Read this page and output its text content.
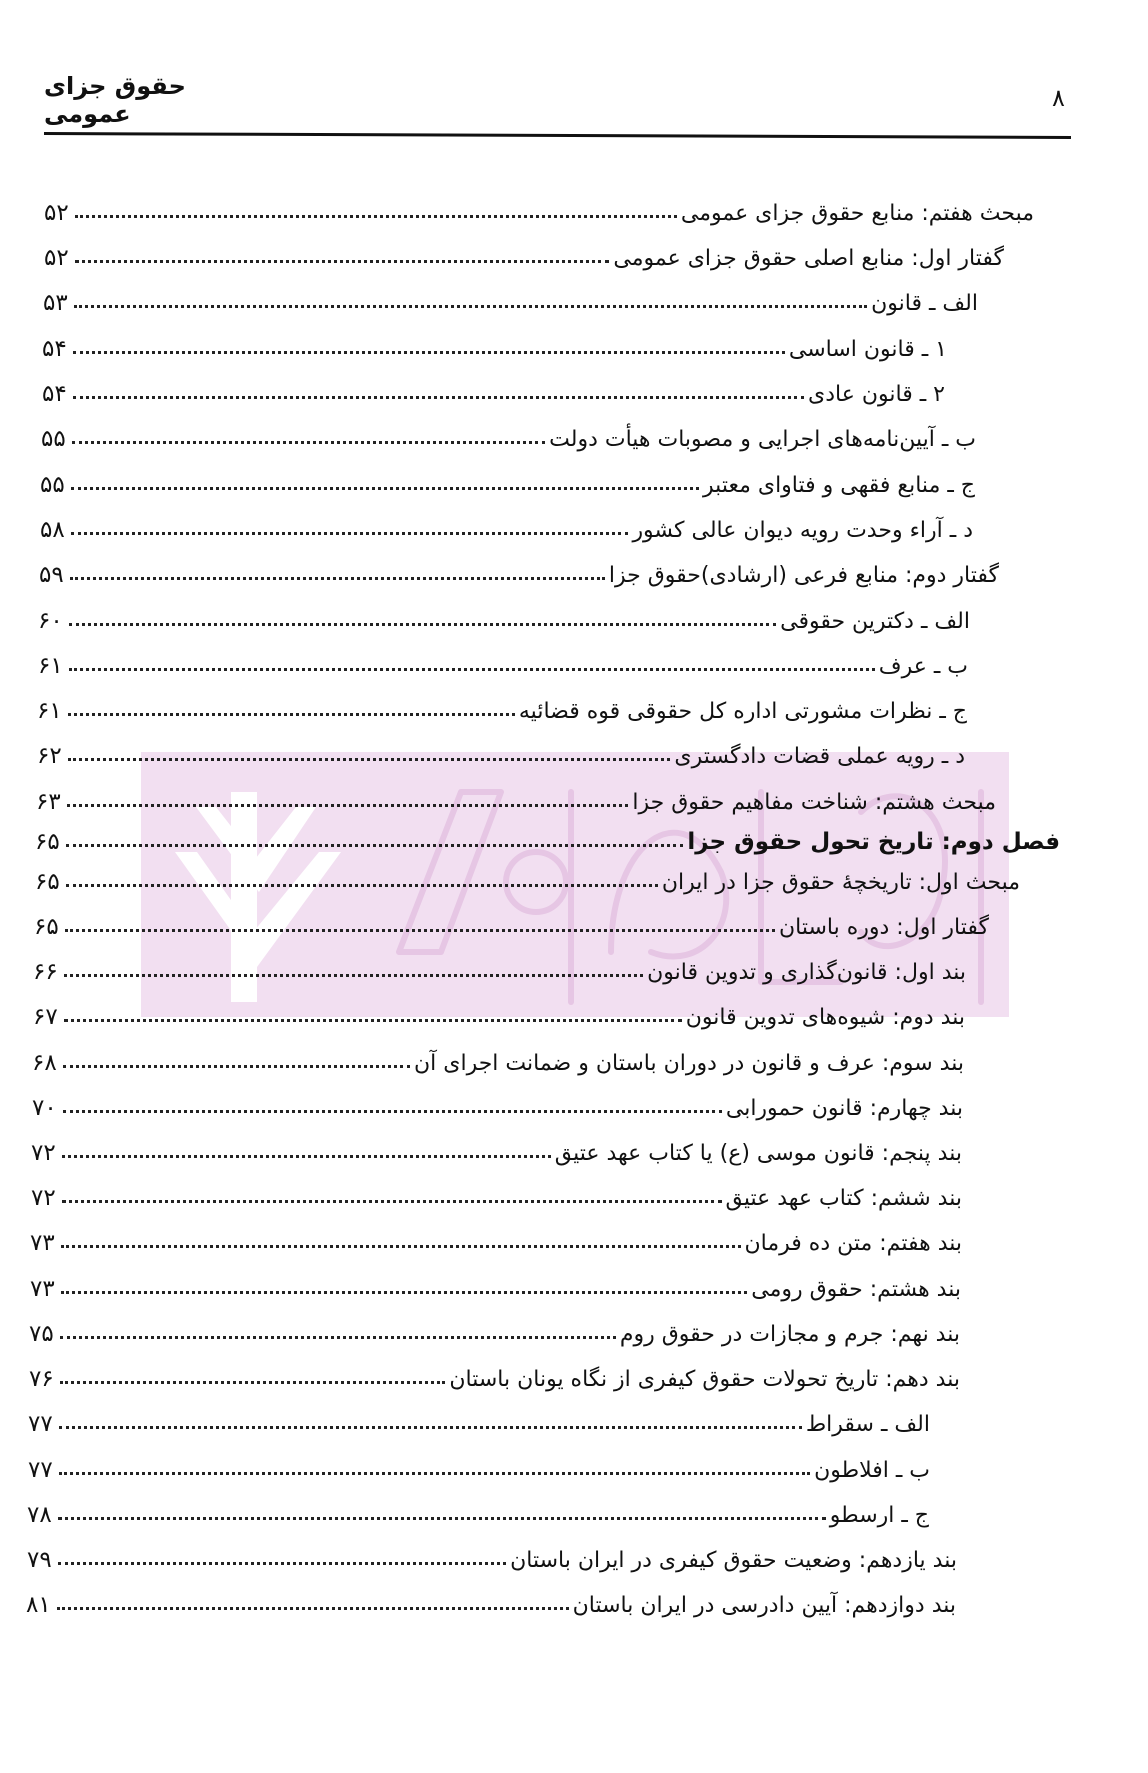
حقوق جزای عمومی
۸
۵۲	مبحث هفتم: منابع حقوق جزای عمومی
۵۲	گفتار اول: منابع اصلی حقوق جزای عمومی
۵۳	الف ـ قانون
۵۴	۱ ـ قانون اساسی
۵۴	۲ ـ قانون عادی
۵۵	ب ـ آیین‌نامه‌های اجرایی و مصوبات هیأت دولت
۵۵	ج ـ منابع فقهی و فتاوای معتبر
۵۸	د ـ آراء وحدت رویه دیوان عالی کشور
۵۹	گفتار دوم: منابع فرعی (ارشادی)حقوق جزا
۶۰	الف ـ دکترین حقوقی
۶۱	ب ـ عرف
۶۱	ج ـ نظرات مشورتی اداره کل حقوقی قوه قضائیه
۶۲	د ـ رویه عملی قضات دادگستری
۶۳	مبحث هشتم: شناخت مفاهیم حقوق جزا
۶۵	فصل دوم: تاریخ تحول حقوق جزا
۶۵	مبحث اول: تاریخچهٔ حقوق جزا در ایران
۶۵	گفتار اول: دوره باستان
۶۶	بند اول: قانون‌گذاری و تدوین قانون
۶۷	بند دوم: شیوه‌های تدوین قانون
۶۸	بند سوم: عرف و قانون در دوران باستان و ضمانت اجرای آن
۷۰	بند چهارم: قانون حمورابی
۷۲	بند پنجم: قانون موسی (ع) یا کتاب عهد عتیق
۷۲	بند ششم: کتاب عهد عتیق
۷۳	بند هفتم: متن ده فرمان
۷۳	بند هشتم: حقوق رومی
۷۵	بند نهم: جرم و مجازات در حقوق روم
۷۶	بند دهم: تاریخ تحولات حقوق کیفری از نگاه یونان باستان
۷۷	الف ـ سقراط
۷۷	ب ـ افلاطون
۷۸	ج ـ ارسطو
۷۹	بند یازدهم: وضعیت حقوق کیفری در ایران باستان
۸۱	بند دوازدهم: آیین دادرسی در ایران باستان
